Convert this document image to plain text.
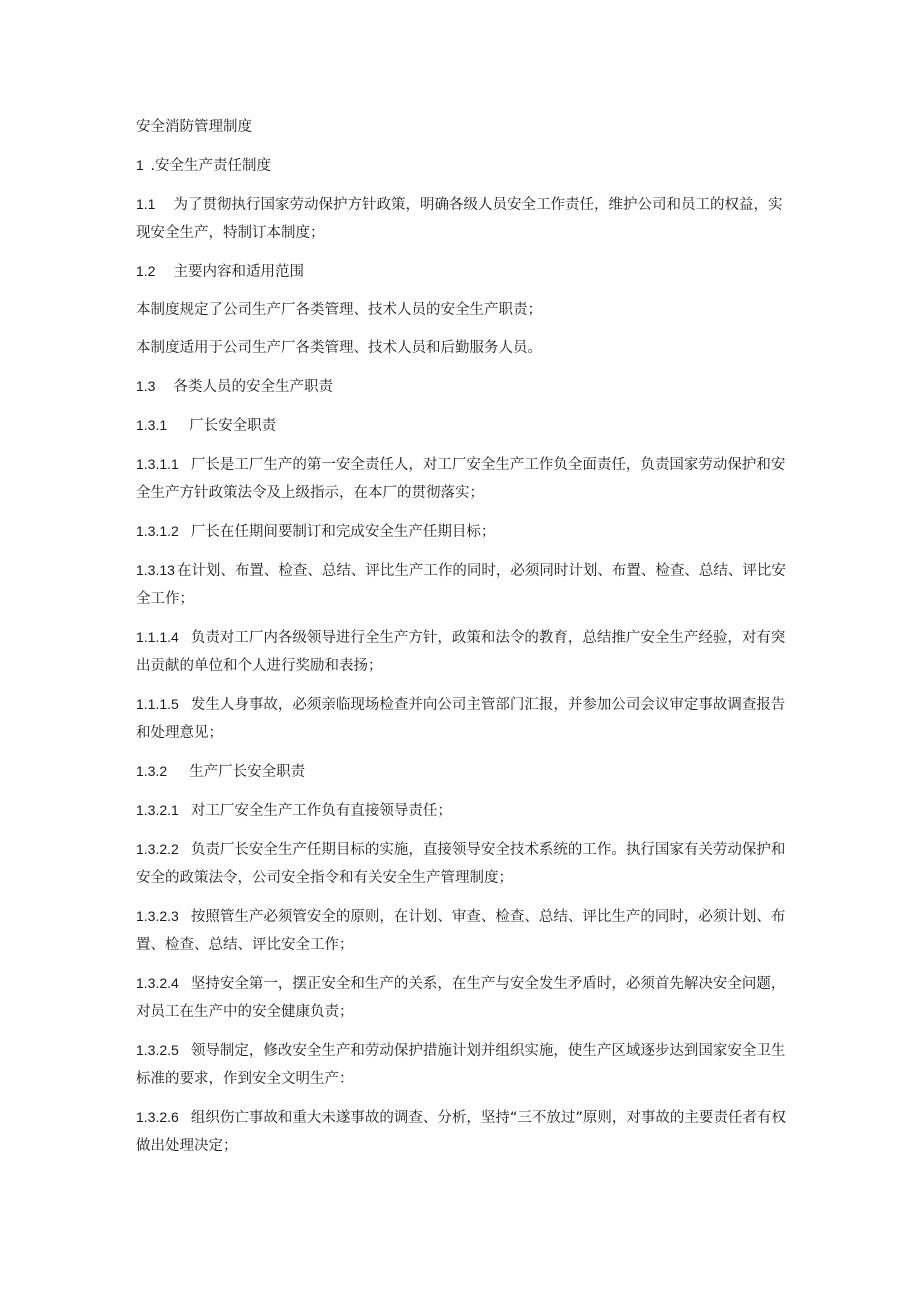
安全消防管理制度

1 .安全生产责任制度

1.1 为了贯彻执行国家劳动保护方针政策，明确各级人员安全工作责任，维护公司和员工的权益，实现安全生产，特制订本制度；

1.2 主要内容和适用范围

本制度规定了公司生产厂各类管理、技术人员的安全生产职责；

本制度适用于公司生产厂各类管理、技术人员和后勤服务人员。

1.3 各类人员的安全生产职责

1.3.1 厂长安全职责

1.3.1.1 厂长是工厂生产的第一安全责任人，对工厂安全生产工作负全面责任，负责国家劳动保护和安全生产方针政策法令及上级指示，在本厂的贯彻落实；

1.3.1.2 厂长在任期间要制订和完成安全生产任期目标；

1.3.13 在计划、布置、检查、总结、评比生产工作的同时，必须同时计划、布置、检查、总结、评比安全工作；

1.1.1.4 负责对工厂内各级领导进行全生产方针，政策和法令的教育，总结推广安全生产经验，对有突出贡献的单位和个人进行奖励和表扬；

1.1.1.5 发生人身事故，必须亲临现场检查并向公司主管部门汇报，并参加公司会议审定事故调查报告和处理意见；

1.3.2 生产厂长安全职责

1.3.2.1 对工厂安全生产工作负有直接领导责任；

1.3.2.2 负责厂长安全生产任期目标的实施，直接领导安全技术系统的工作。执行国家有关劳动保护和安全的政策法令，公司安全指令和有关安全生产管理制度；

1.3.2.3 按照管生产必须管安全的原则，在计划、审查、检查、总结、评比生产的同时，必须计划、布置、检查、总结、评比安全工作；

1.3.2.4 坚持安全第一，摆正安全和生产的关系，在生产与安全发生矛盾时，必须首先解决安全问题，对员工在生产中的安全健康负责；

1.3.2.5 领导制定，修改安全生产和劳动保护措施计划并组织实施，使生产区域逐步达到国家安全卫生标准的要求，作到安全文明生产：

1.3.2.6 组织伤亡事故和重大未遂事故的调查、分析，坚持“三不放过”原则，对事故的主要责任者有权做出处理决定；
